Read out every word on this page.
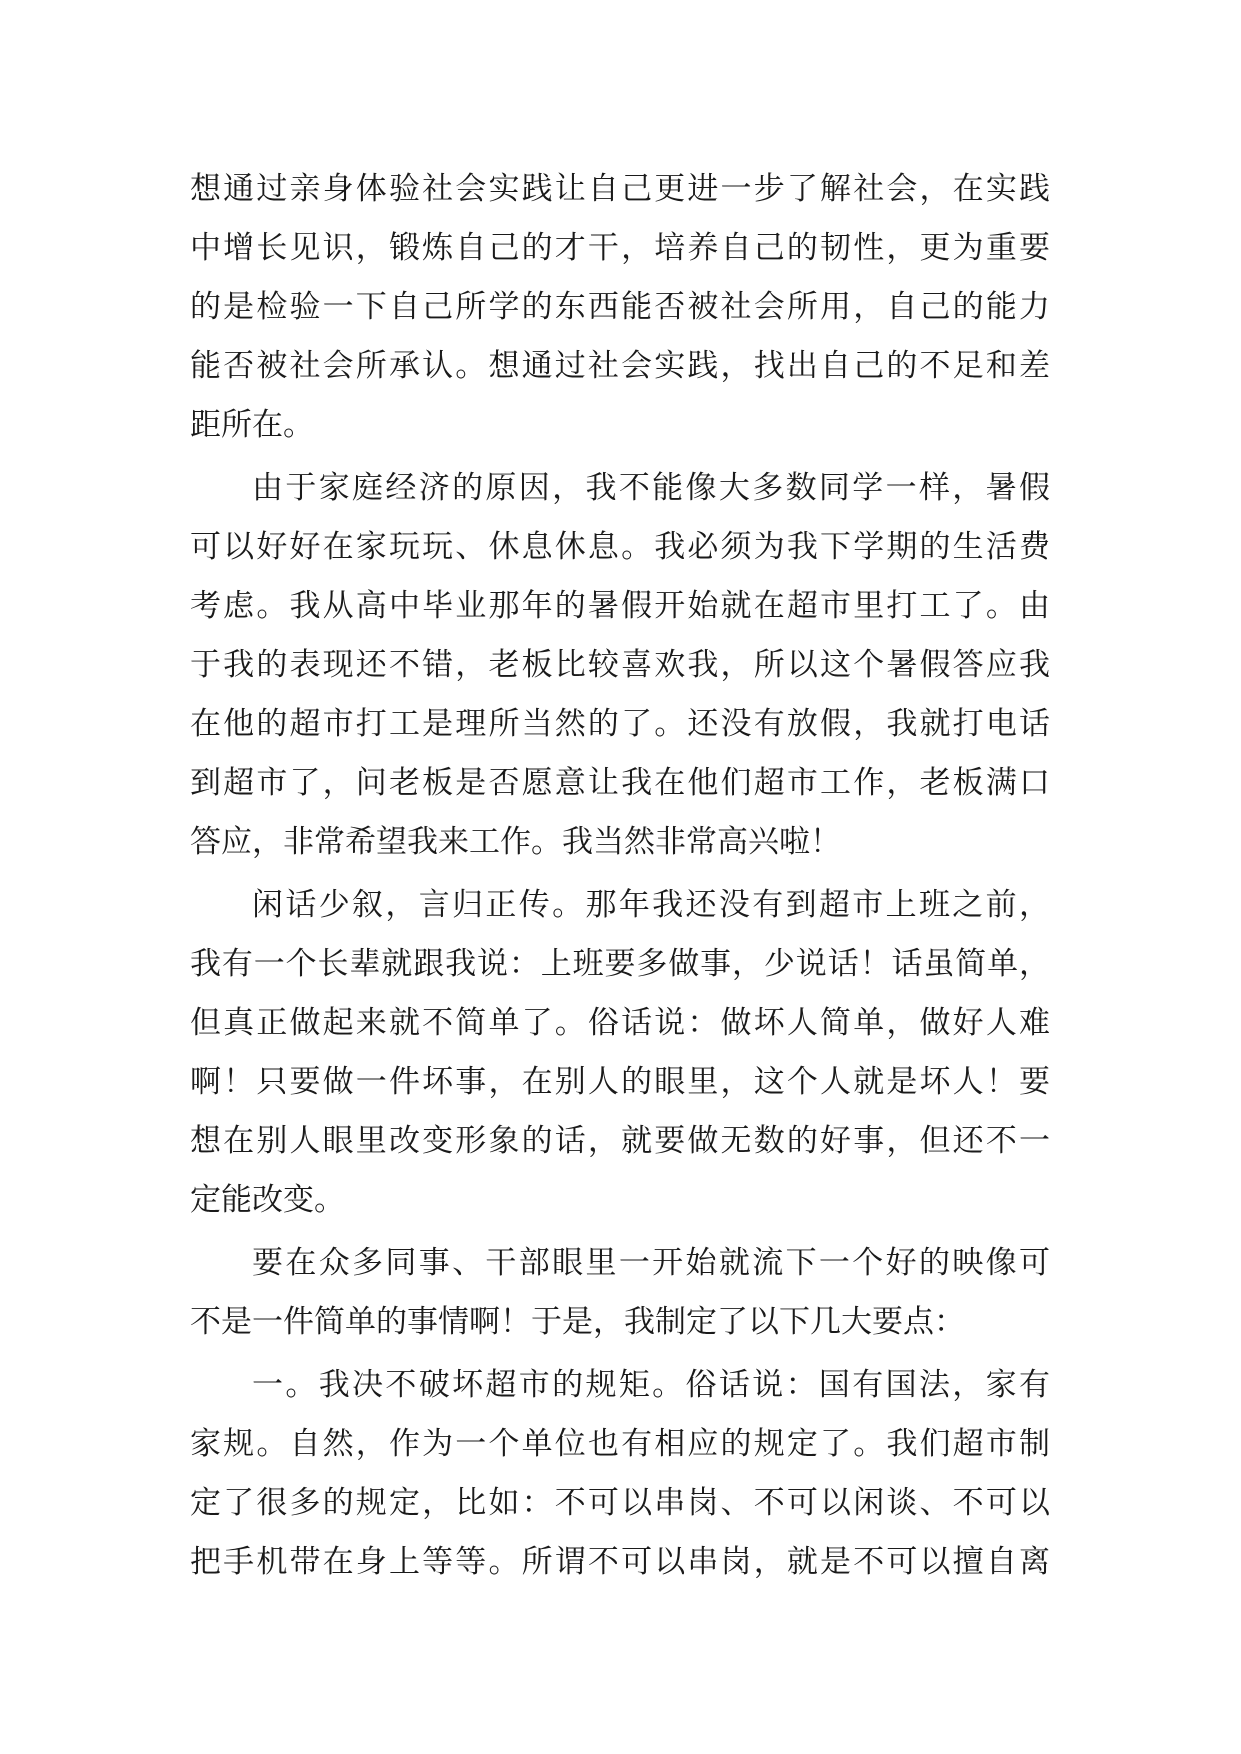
想通过亲身体验社会实践让自己更进一步了解社会，在实践
中增长见识，锻炼自己的才干，培养自己的韧性，更为重要
的是检验一下自己所学的东西能否被社会所用，自己的能力
能否被社会所承认。想通过社会实践，找出自己的不足和差
距所在。
由于家庭经济的原因，我不能像大多数同学一样，暑假
可以好好在家玩玩、休息休息。我必须为我下学期的生活费
考虑。我从高中毕业那年的暑假开始就在超市里打工了。由
于我的表现还不错，老板比较喜欢我，所以这个暑假答应我
在他的超市打工是理所当然的了。还没有放假，我就打电话
到超市了，问老板是否愿意让我在他们超市工作，老板满口
答应，非常希望我来工作。我当然非常高兴啦！
闲话少叙，言归正传。那年我还没有到超市上班之前，
我有一个长辈就跟我说：上班要多做事，少说话！话虽简单，
但真正做起来就不简单了。俗话说：做坏人简单，做好人难
啊！只要做一件坏事，在别人的眼里，这个人就是坏人！要
想在别人眼里改变形象的话，就要做无数的好事，但还不一
定能改变。
要在众多同事、干部眼里一开始就流下一个好的映像可
不是一件简单的事情啊！于是，我制定了以下几大要点：
一。我决不破坏超市的规矩。俗话说：国有国法，家有
家规。自然，作为一个单位也有相应的规定了。我们超市制
定了很多的规定，比如：不可以串岗、不可以闲谈、不可以
把手机带在身上等等。所谓不可以串岗，就是不可以擅自离
